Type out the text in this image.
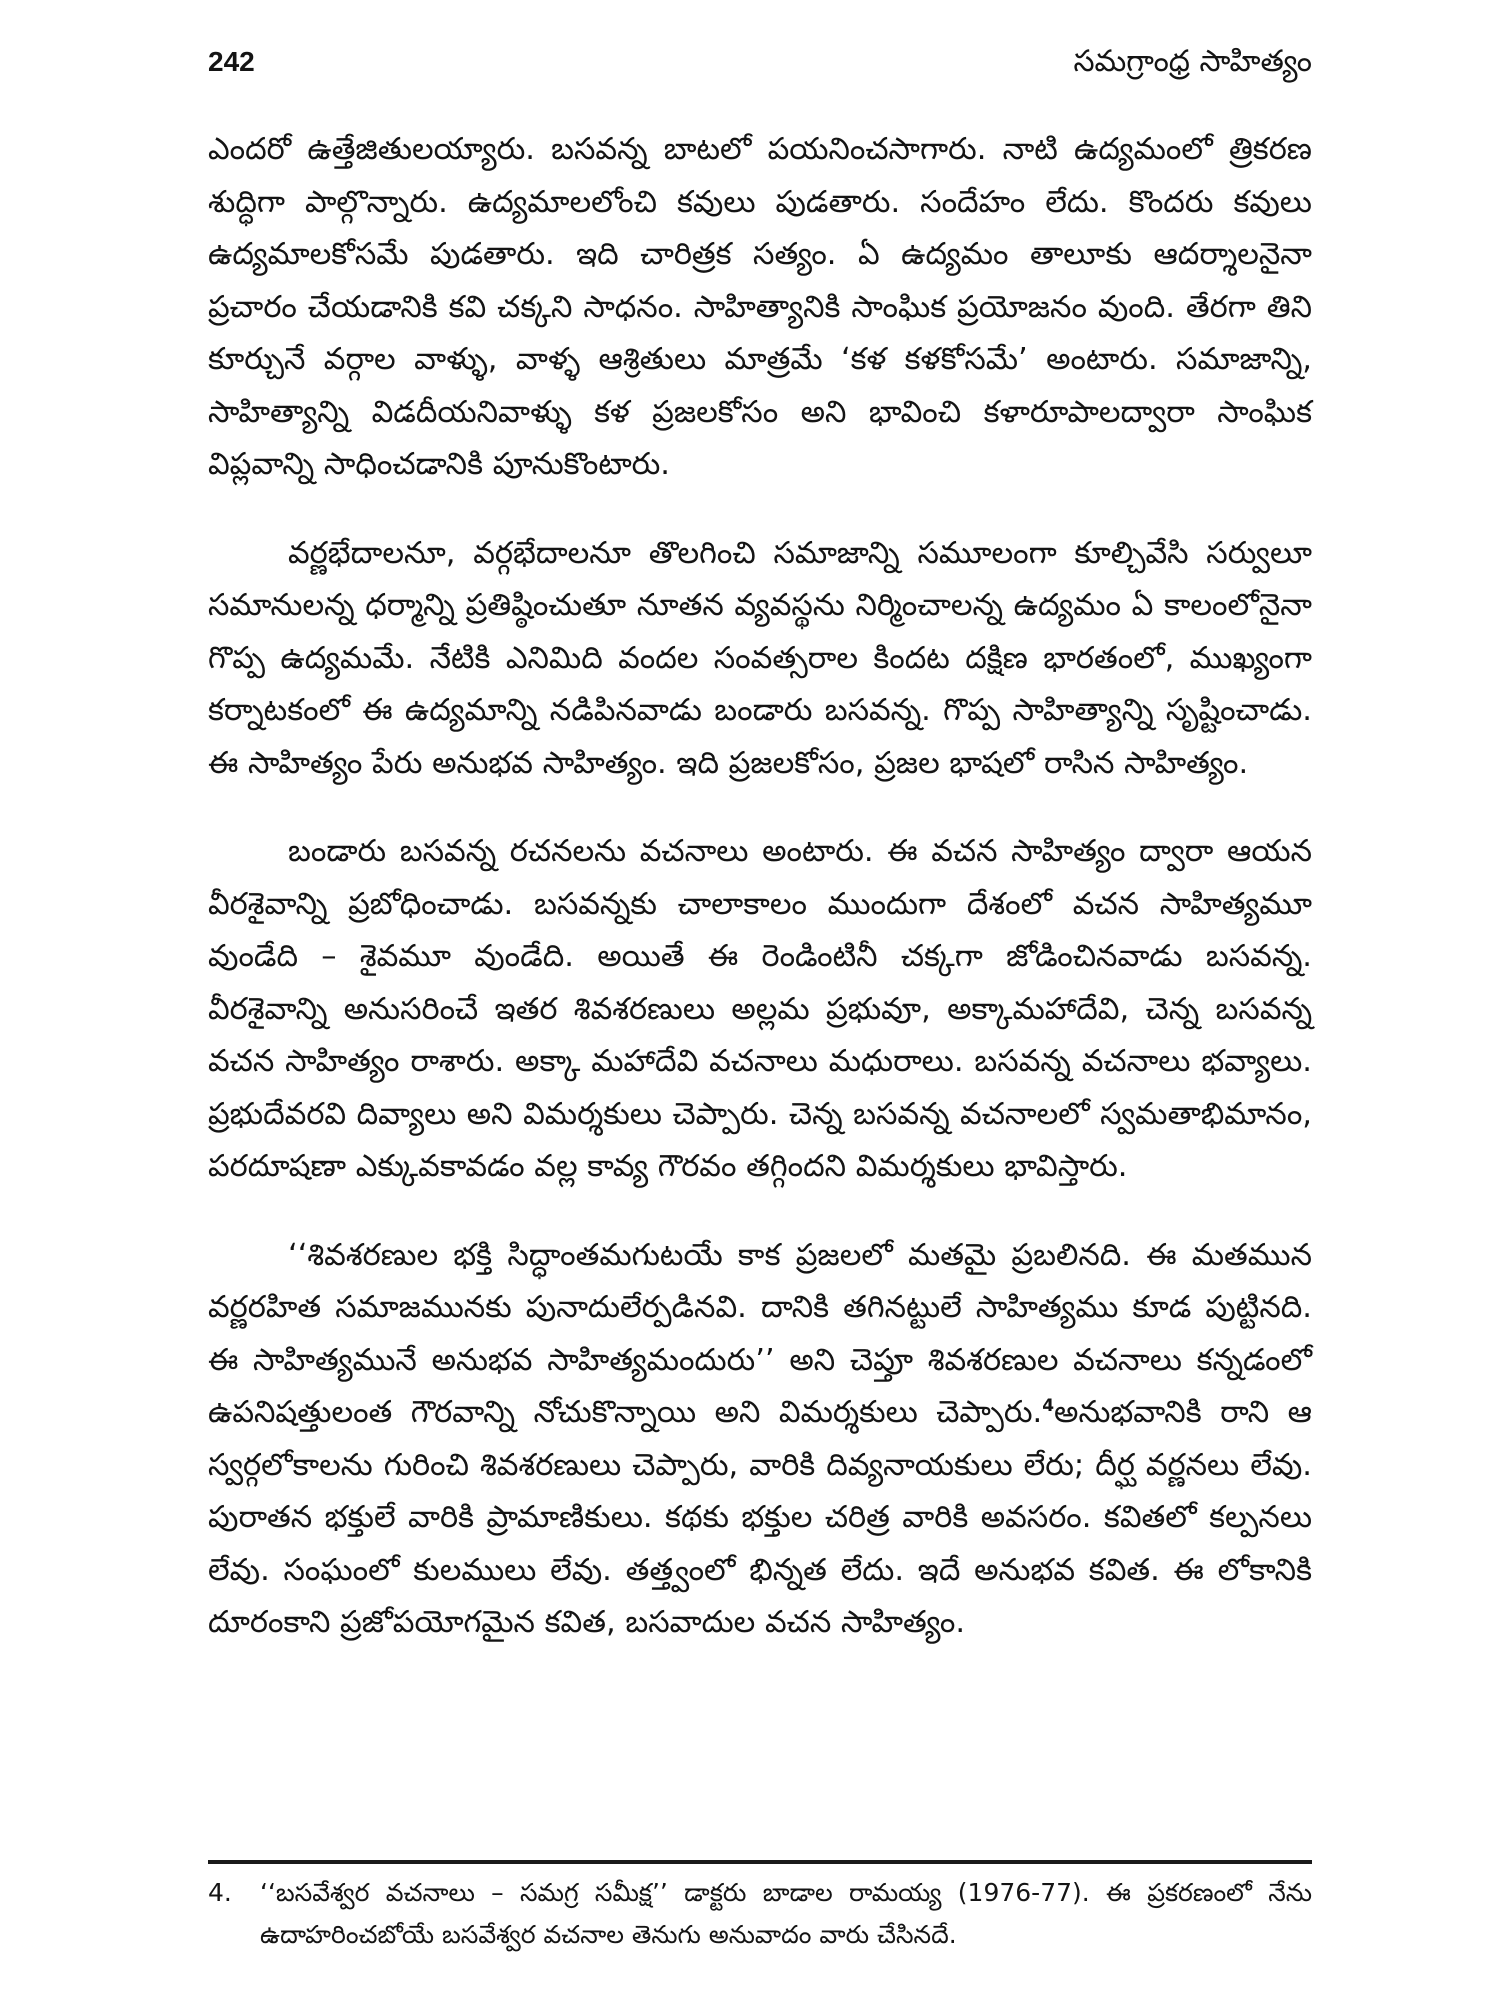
242	సమగ్రాంధ్ర సాహిత్యం

ఎందరో ఉత్తేజితులయ్యారు. బసవన్న బాటలో పయనించసాగారు. నాటి ఉద్యమంలో త్రికరణ శుద్ధిగా పాల్గొన్నారు. ఉద్యమాలలోంచి కవులు పుడతారు. సందేహం లేదు. కొందరు కవులు ఉద్యమాలకోసమే పుడతారు. ఇది చారిత్రక సత్యం. ఏ ఉద్యమం తాలూకు ఆదర్శాలనైనా ప్రచారం చేయడానికి కవి చక్కని సాధనం. సాహిత్యానికి సాంఘిక ప్రయోజనం వుంది. తేరగా తిని కూర్చునే వర్గాల వాళ్ళు, వాళ్ళ ఆశ్రితులు మాత్రమే ‘కళ కళకోసమే’ అంటారు. సమాజాన్ని, సాహిత్యాన్ని విడదీయనివాళ్ళు కళ ప్రజలకోసం అని భావించి కళారూపాలద్వారా సాంఘిక విప్లవాన్ని సాధించడానికి పూనుకొంటారు.

వర్ణభేదాలనూ, వర్గభేదాలనూ తొలగించి సమాజాన్ని సమూలంగా కూల్చివేసి సర్వులూ సమానులన్న ధర్మాన్ని ప్రతిష్ఠించుతూ నూతన వ్యవస్థను నిర్మించాలన్న ఉద్యమం ఏ కాలంలోనైనా గొప్ప ఉద్యమమే. నేటికి ఎనిమిది వందల సంవత్సరాల కిందట దక్షిణ భారతంలో, ముఖ్యంగా కర్నాటకంలో ఈ ఉద్యమాన్ని నడిపినవాడు బండారు బసవన్న. గొప్ప సాహిత్యాన్ని సృష్టించాడు. ఈ సాహిత్యం పేరు అనుభవ సాహిత్యం. ఇది ప్రజలకోసం, ప్రజల భాషలో రాసిన సాహిత్యం.

బండారు బసవన్న రచనలను వచనాలు అంటారు. ఈ వచన సాహిత్యం ద్వారా ఆయన వీరశైవాన్ని ప్రబోధించాడు. బసవన్నకు చాలాకాలం ముందుగా దేశంలో వచన సాహిత్యమూ వుండేది – శైవమూ వుండేది. అయితే ఈ రెండింటినీ చక్కగా జోడించినవాడు బసవన్న. వీరశైవాన్ని అనుసరించే ఇతర శివశరణులు అల్లమ ప్రభువూ, అక్కామహాదేవి, చెన్న బసవన్న వచన సాహిత్యం రాశారు. అక్కా మహాదేవి వచనాలు మధురాలు. బసవన్న వచనాలు భవ్యాలు. ప్రభుదేవరవి దివ్యాలు అని విమర్శకులు చెప్పారు. చెన్న బసవన్న వచనాలలో స్వమతాభిమానం, పరదూషణా ఎక్కువకావడం వల్ల కావ్య గౌరవం తగ్గిందని విమర్శకులు భావిస్తారు.

‘‘శివశరణుల భక్తి సిద్ధాంతమగుటయే కాక ప్రజలలో మతమై ప్రబలినది. ఈ మతమున వర్ణరహిత సమాజమునకు పునాదులేర్పడినవి. దానికి తగినట్టులే సాహిత్యము కూడ పుట్టినది. ఈ సాహిత్యమునే అనుభవ సాహిత్యమందురు’’ అని చెప్తూ శివశరణుల వచనాలు కన్నడంలో ఉపనిషత్తులంత గౌరవాన్ని నోచుకొన్నాయి అని విమర్శకులు చెప్పారు.$^4$అనుభవానికి రాని ఆ స్వర్గలోకాలను గురించి శివశరణులు చెప్పారు, వారికి దివ్యనాయకులు లేరు; దీర్ఘ వర్ణనలు లేవు. పురాతన భక్తులే వారికి ప్రామాణికులు. కథకు భక్తుల చరిత్ర వారికి అవసరం. కవితలో కల్పనలు లేవు. సంఘంలో కులములు లేవు. తత్త్వంలో భిన్నత లేదు. ఇదే అనుభవ కవిత. ఈ లోకానికి దూరంకాని ప్రజోపయోగమైన కవిత, బసవాదుల వచన సాహిత్యం.

4.	‘‘బసవేశ్వర వచనాలు – సమగ్ర సమీక్ష’’ డాక్టరు బాడాల రామయ్య (1976-77). ఈ ప్రకరణంలో నేను ఉదాహరించబోయే బసవేశ్వర వచనాల తెనుగు అనువాదం వారు చేసినదే.
